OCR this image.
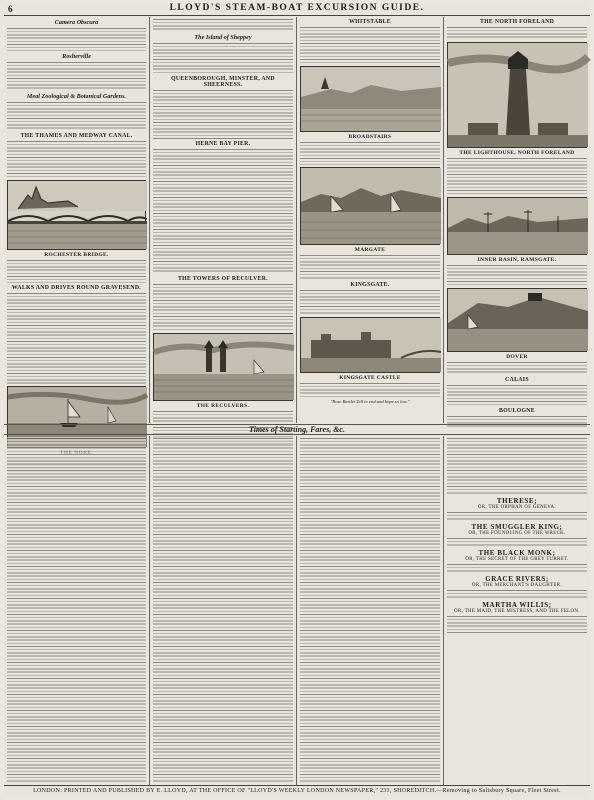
6	LLOYD'S STEAM-BOAT EXCURSION GUIDE.
Camera Obscura
Rosherville
Meal Zoological & Botanical Gardens.
THE THAMES AND MEDWAY CANAL.
ROCHESTER BRIDGE.
WALKS AND DRIVES ROUND GRAVESEND.
The Island of Sheppey
QUEENBOROUGH, MINSTER, AND SHEERNESS.
HERNE BAY PIER.
THE TOWERS OF RECULVER.
THE RECULVERS.
WHITSTABLE
BROADSTAIRS
MARGATE
KINGSGATE.
KINGSGATE CASTLE
"Rose Bartlet Tell to end and hope so low."
THE NORTH FORELAND
THE LIGHTHOUSE, NORTH FORELAND
INNER BASIN, RAMSGATE.
DOVER
CALAIS
BOULOGNE
Times of Starting, Fares, &c.
THERESE;
OR, THE ORPHAN OF GENEVA.
THE SMUGGLER KING;
OR, THE FOUNDLING OF THE WRECK.
THE BLACK MONK;
OR, THE SECRET OF THE GREY TURRET.
GRACE RIVERS;
OR, THE MERCHANT'S DAUGHTER.
MARTHA WILLIS;
OR, THE MAID, THE MISTRESS, AND THE FELON.
LONDON: PRINTED AND PUBLISHED BY E. LLOYD, AT THE OFFICE OF "LLOYD'S WEEKLY LONDON NEWSPAPER," 231, SHOREDITCH.—Removing to Salisbury Square, Fleet Street.
